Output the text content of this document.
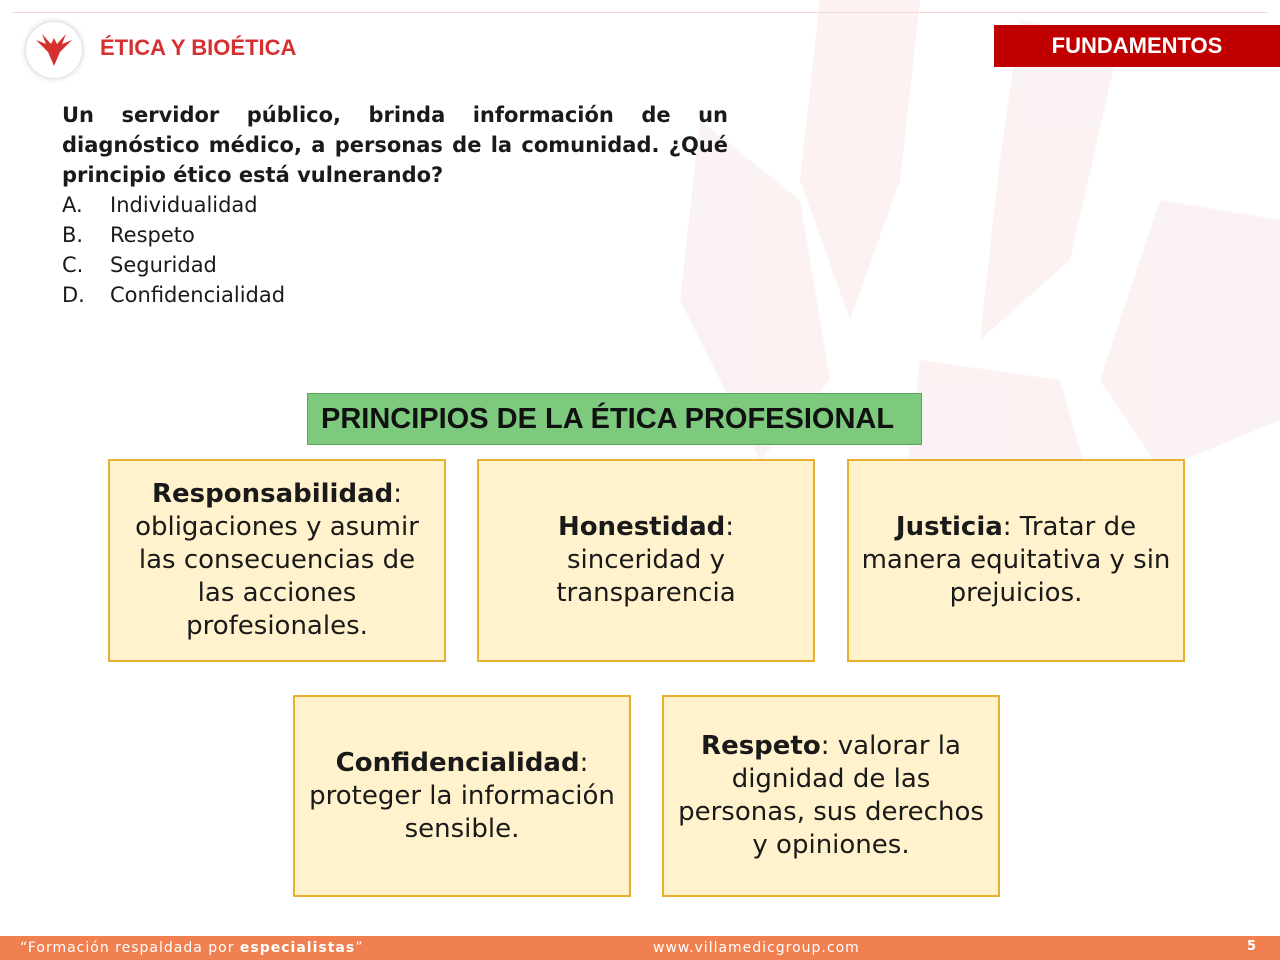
ÉTICA Y BIOÉTICA	FUNDAMENTOS
Un servidor público, brinda información de un diagnóstico médico, a personas de la comunidad. ¿Qué principio ético está vulnerando?
A.	Individualidad
B.	Respeto
C.	Seguridad
D.	Confidencialidad
PRINCIPIOS DE LA ÉTICA PROFESIONAL
Responsabilidad: obligaciones y asumir las consecuencias de las acciones profesionales.
Honestidad: sinceridad y transparencia
Justicia: Tratar de manera equitativa y sin prejuicios.
Confidencialidad: proteger la información sensible.
Respeto: valorar la dignidad de las personas, sus derechos y opiniones.
“Formación respaldada por especialistas”	www.villamedicgroup.com	5
